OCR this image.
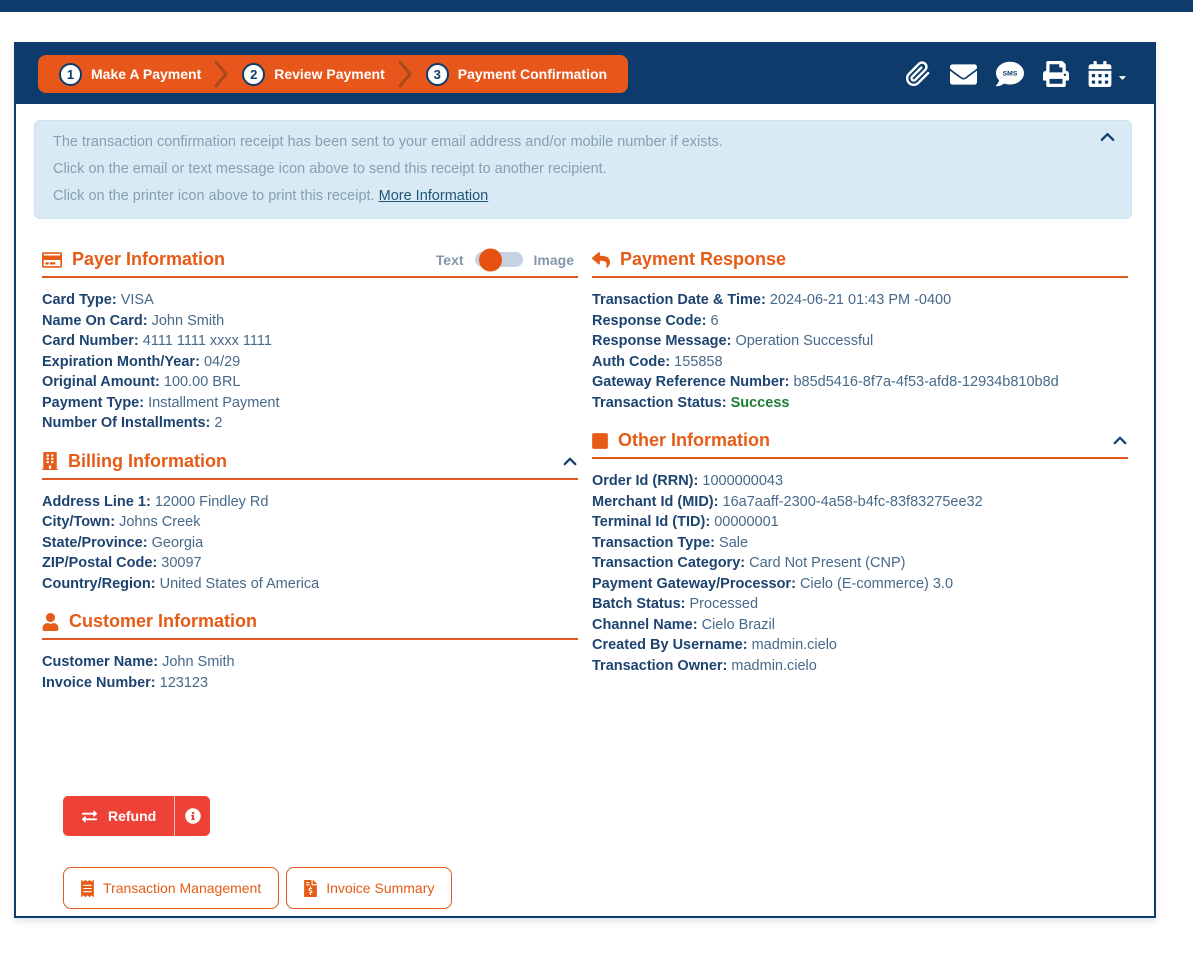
1	Make A Payment	2	Review Payment	3	Payment Confirmation	SMS

The transaction confirmation receipt has been sent to your email address and/or mobile number if exists.

Click on the email or text message icon above to send this receipt to another recipient.

Click on the printer icon above to print this receipt. More Information

Payer Information	Text	Image
Card Type: VISA
Name On Card: John Smith
Card Number: 4111 1111 xxxx 1111
Expiration Month/Year: 04/29
Original Amount: 100.00 BRL
Payment Type: Installment Payment
Number Of Installments: 2
Billing Information
Address Line 1: 12000 Findley Rd
City/Town: Johns Creek
State/Province: Georgia
ZIP/Postal Code: 30097
Country/Region: United States of America
Customer Information
Customer Name: John Smith
Invoice Number: 123123
Payment Response
Transaction Date & Time: 2024-06-21 01:43 PM -0400
Response Code: 6
Response Message: Operation Successful
Auth Code: 155858
Gateway Reference Number: b85d5416-8f7a-4f53-afd8-12934b810b8d
Transaction Status: Success
Other Information
Order Id (RRN): 1000000043
Merchant Id (MID): 16a7aaff-2300-4a58-b4fc-83f83275ee32
Terminal Id (TID): 00000001
Transaction Type: Sale
Transaction Category: Card Not Present (CNP)
Payment Gateway/Processor: Cielo (E-commerce) 3.0
Batch Status: Processed
Channel Name: Cielo Brazil
Created By Username: madmin.cielo
Transaction Owner: madmin.cielo
Refund
Transaction Management	Invoice Summary
